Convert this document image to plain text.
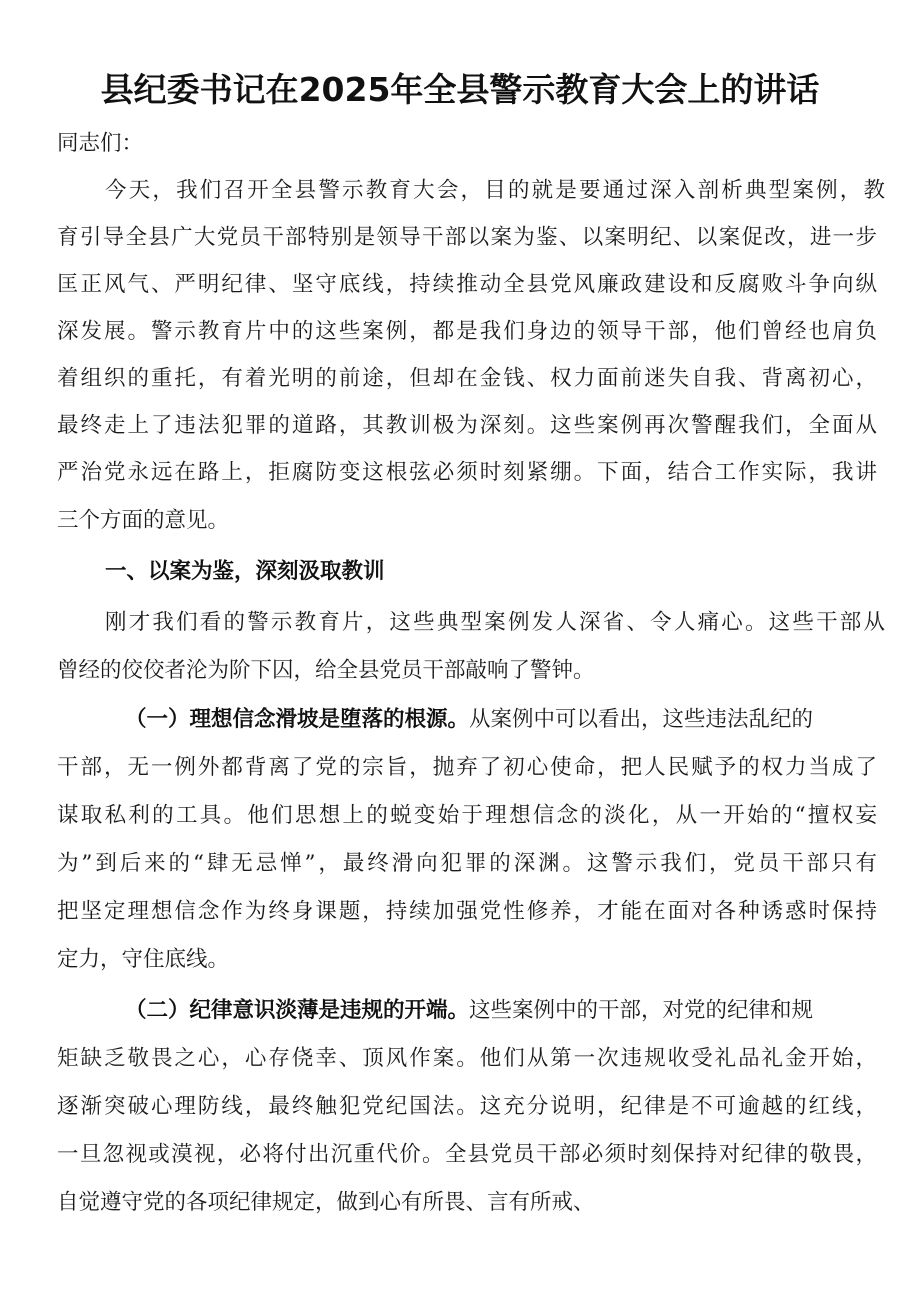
县纪委书记在2025年全县警示教育大会上的讲话
同志们：
今天，我们召开全县警示教育大会，目的就是要通过深入剖析典型案例，教
育引导全县广大党员干部特别是领导干部以案为鉴、以案明纪、以案促改，进一步
匡正风气、严明纪律、坚守底线，持续推动全县党风廉政建设和反腐败斗争向纵
深发展。警示教育片中的这些案例，都是我们身边的领导干部，他们曾经也肩负
着组织的重托，有着光明的前途，但却在金钱、权力面前迷失自我、背离初心，
最终走上了违法犯罪的道路，其教训极为深刻。这些案例再次警醒我们，全面从
严治党永远在路上，拒腐防变这根弦必须时刻紧绷。下面，结合工作实际，我讲
三个方面的意见。
一、以案为鉴，深刻汲取教训
刚才我们看的警示教育片，这些典型案例发人深省、令人痛心。这些干部从
曾经的佼佼者沦为阶下囚，给全县党员干部敲响了警钟。
（一）理想信念滑坡是堕落的根源。从案例中可以看出，这些违法乱纪的
干部，无一例外都背离了党的宗旨，抛弃了初心使命，把人民赋予的权力当成了
谋取私利的工具。他们思想上的蜕变始于理想信念的淡化，从一开始的“擅权妄
为”到后来的“肆无忌惮”，最终滑向犯罪的深渊。这警示我们，党员干部只有
把坚定理想信念作为终身课题，持续加强党性修养，才能在面对各种诱惑时保持
定力，守住底线。
（二）纪律意识淡薄是违规的开端。这些案例中的干部，对党的纪律和规
矩缺乏敬畏之心，心存侥幸、顶风作案。他们从第一次违规收受礼品礼金开始，
逐渐突破心理防线，最终触犯党纪国法。这充分说明，纪律是不可逾越的红线，
一旦忽视或漠视，必将付出沉重代价。全县党员干部必须时刻保持对纪律的敬畏，
自觉遵守党的各项纪律规定，做到心有所畏、言有所戒、
